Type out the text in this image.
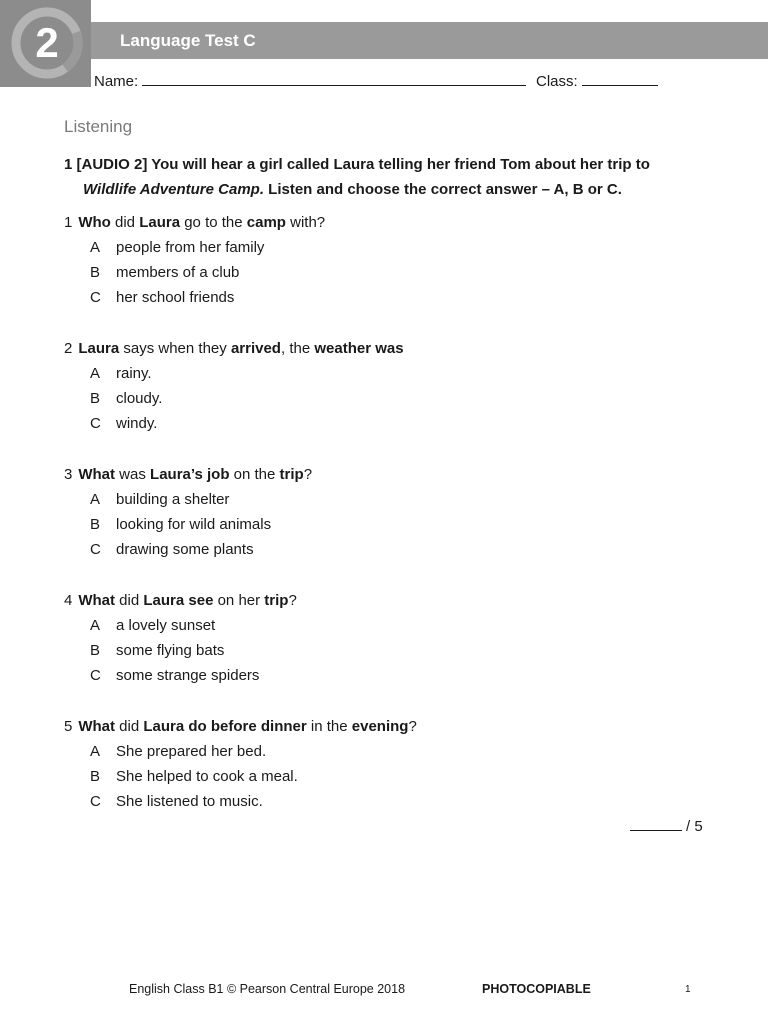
2	Language Test C
Name:	Class:
Listening
1 [AUDIO 2] You will hear a girl called Laura telling her friend Tom about her trip to
Wildlife Adventure Camp. Listen and choose the correct answer – A, B or C.
1 Who did Laura go to the camp with?
A people from her family
B members of a club
C her school friends
2 Laura says when they arrived, the weather was
A rainy.
B cloudy.
C windy.
3 What was Laura’s job on the trip?
A building a shelter
B looking for wild animals
C drawing some plants
4 What did Laura see on her trip?
A a lovely sunset
B some flying bats
C some strange spiders
5 What did Laura do before dinner in the evening?
A She prepared her bed.
B She helped to cook a meal.
C She listened to music.
/ 5
English Class B1 © Pearson Central Europe 2018	PHOTOCOPIABLE	1
